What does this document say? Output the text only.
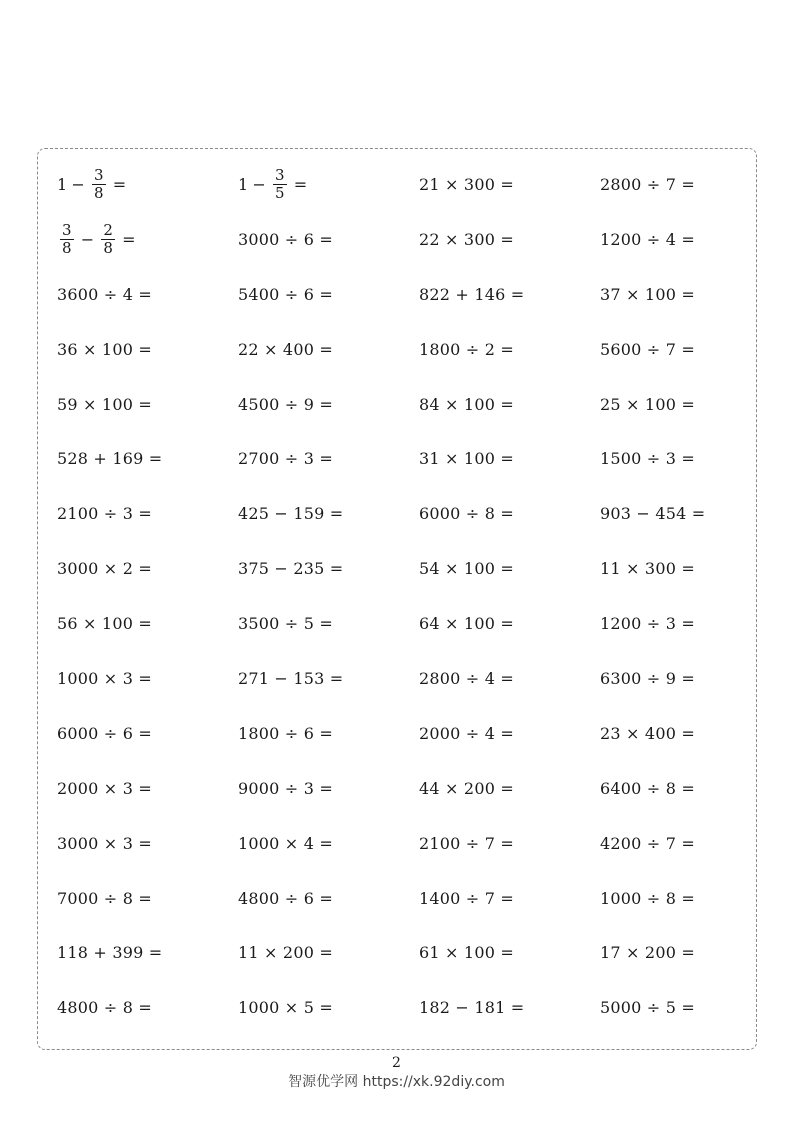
$1 - \frac{3}{8}$ =	$1 - \frac{3}{5}$ =	21 × 300 =	2800 ÷ 7 =
$\frac{3}{8} - \frac{2}{8}$ =	3000 ÷ 6 =	22 × 300 =	1200 ÷ 4 =
3600 ÷ 4 =	5400 ÷ 6 =	822 + 146 =	37 × 100 =
36 × 100 =	22 × 400 =	1800 ÷ 2 =	5600 ÷ 7 =
59 × 100 =	4500 ÷ 9 =	84 × 100 =	25 × 100 =
528 + 169 =	2700 ÷ 3 =	31 × 100 =	1500 ÷ 3 =
2100 ÷ 3 =	425 − 159 =	6000 ÷ 8 =	903 − 454 =
3000 × 2 =	375 − 235 =	54 × 100 =	11 × 300 =
56 × 100 =	3500 ÷ 5 =	64 × 100 =	1200 ÷ 3 =
1000 × 3 =	271 − 153 =	2800 ÷ 4 =	6300 ÷ 9 =
6000 ÷ 6 =	1800 ÷ 6 =	2000 ÷ 4 =	23 × 400 =
2000 × 3 =	9000 ÷ 3 =	44 × 200 =	6400 ÷ 8 =
3000 × 3 =	1000 × 4 =	2100 ÷ 7 =	4200 ÷ 7 =
7000 ÷ 8 =	4800 ÷ 6 =	1400 ÷ 7 =	1000 ÷ 8 =
118 + 399 =	11 × 200 =	61 × 100 =	17 × 200 =
4800 ÷ 8 =	1000 × 5 =	182 − 181 =	5000 ÷ 5 =
2
智源优学网 https://xk.92diy.com
